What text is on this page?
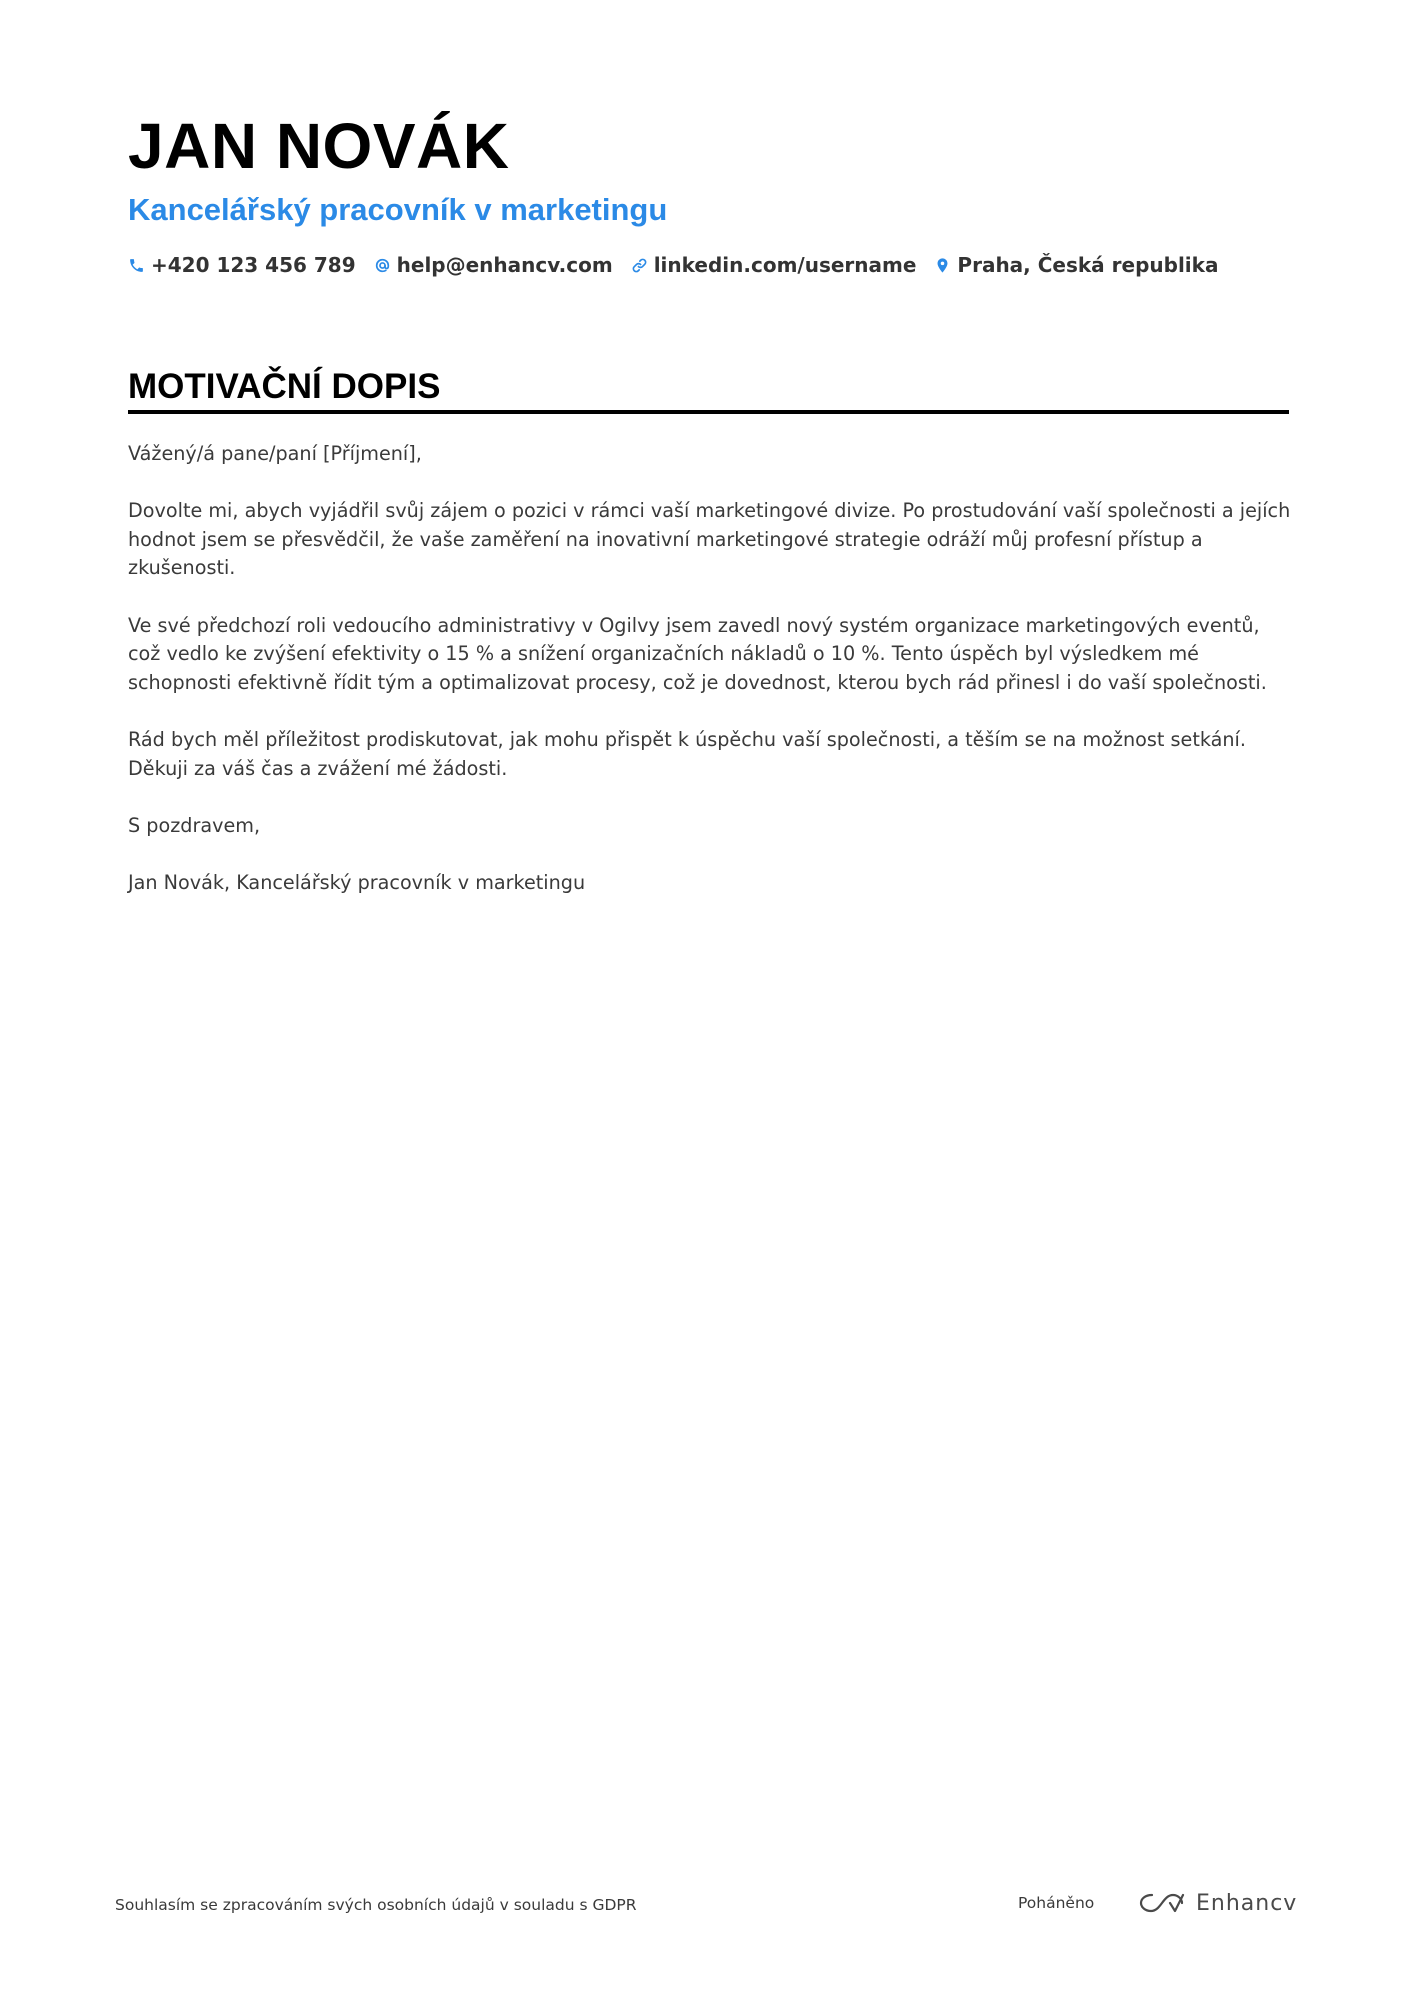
JAN NOVÁK
Kancelářský pracovník v marketingu
+420 123 456 789 help@enhancv.com linkedin.com/username Praha, Česká republika
MOTIVAČNÍ DOPIS

Vážený/á pane/paní [Příjmení],

Dovolte mi, abych vyjádřil svůj zájem o pozici v rámci vaší marketingové divize. Po prostudování vaší společnosti a jejích hodnot jsem se přesvědčil, že vaše zaměření na inovativní marketingové strategie odráží můj profesní přístup a zkušenosti.

Ve své předchozí roli vedoucího administrativy v Ogilvy jsem zavedl nový systém organizace marketingových eventů, což vedlo ke zvýšení efektivity o 15 % a snížení organizačních nákladů o 10 %. Tento úspěch byl výsledkem mé schopnosti efektivně řídit tým a optimalizovat procesy, což je dovednost, kterou bych rád přinesl i do vaší společnosti.

Rád bych měl příležitost prodiskutovat, jak mohu přispět k úspěchu vaší společnosti, a těším se na možnost setkání. Děkuji za váš čas a zvážení mé žádosti.

S pozdravem,

Jan Novák, Kancelářský pracovník v marketingu

Souhlasím se zpracováním svých osobních údajů v souladu s GDPR	Poháněno	Enhancv
